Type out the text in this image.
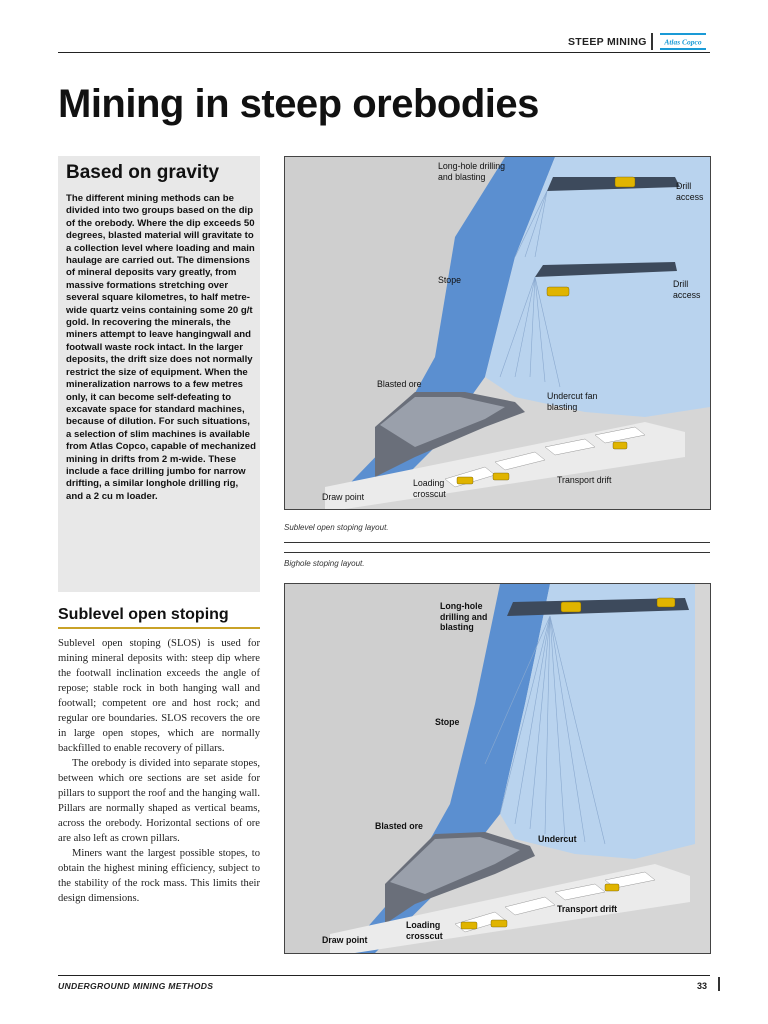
STEEP MINING Atlas Copco
Mining in steep orebodies
Based on gravity
The different mining methods can be divided into two groups based on the dip of the orebody. Where the dip exceeds 50 degrees, blasted material will gravitate to a collection level where loading and main haulage are carried out. The dimensions of mineral deposits vary greatly, from massive formations stretching over several square kilometres, to half metre-wide quartz veins containing some 20 g/t gold. In recovering the minerals, the miners attempt to leave hangingwall and footwall waste rock intact. In the larger deposits, the drift size does not normally restrict the size of equipment. When the mineralization narrows to a few metres only, it can become self-defeating to excavate space for standard machines, because of dilution. For such situations, a selection of slim machines is available from Atlas Copco, capable of mechanized mining in drifts from 2 m-wide. These include a face drilling jumbo for narrow drifting, a similar longhole drilling rig, and a 2 cu m loader.
Sublevel open stoping

Sublevel open stoping (SLOS) is used for mining mineral deposits with: steep dip where the footwall inclination exceeds the angle of repose; stable rock in both hanging wall and footwall; competent ore and host rock; and regular ore boundaries. SLOS recovers the ore in large open stopes, which are normally backfilled to enable recovery of pillars.

The orebody is divided into separate stopes, between which ore sections are set aside for pillars to support the roof and the hanging wall. Pillars are normally shaped as vertical beams, across the orebody. Horizontal sections of ore are also left as crown pillars.

Miners want the largest possible stopes, to obtain the highest mining efficiency, subject to the stability of the rock mass. This limits their design dimensions.

Long-hole drilling and blasting
Drill access
Stope	Drill access
Blasted ore
Undercut fan blasting
Transport drift
Loading crosscut
Draw point
Sublevel open stoping layout.
Bighole stoping layout.
Long-hole drilling and blasting
Stope
Blasted ore
Undercut
Transport drift
Loading crosscut
Draw point
UNDERGROUND MINING METHODS	33
